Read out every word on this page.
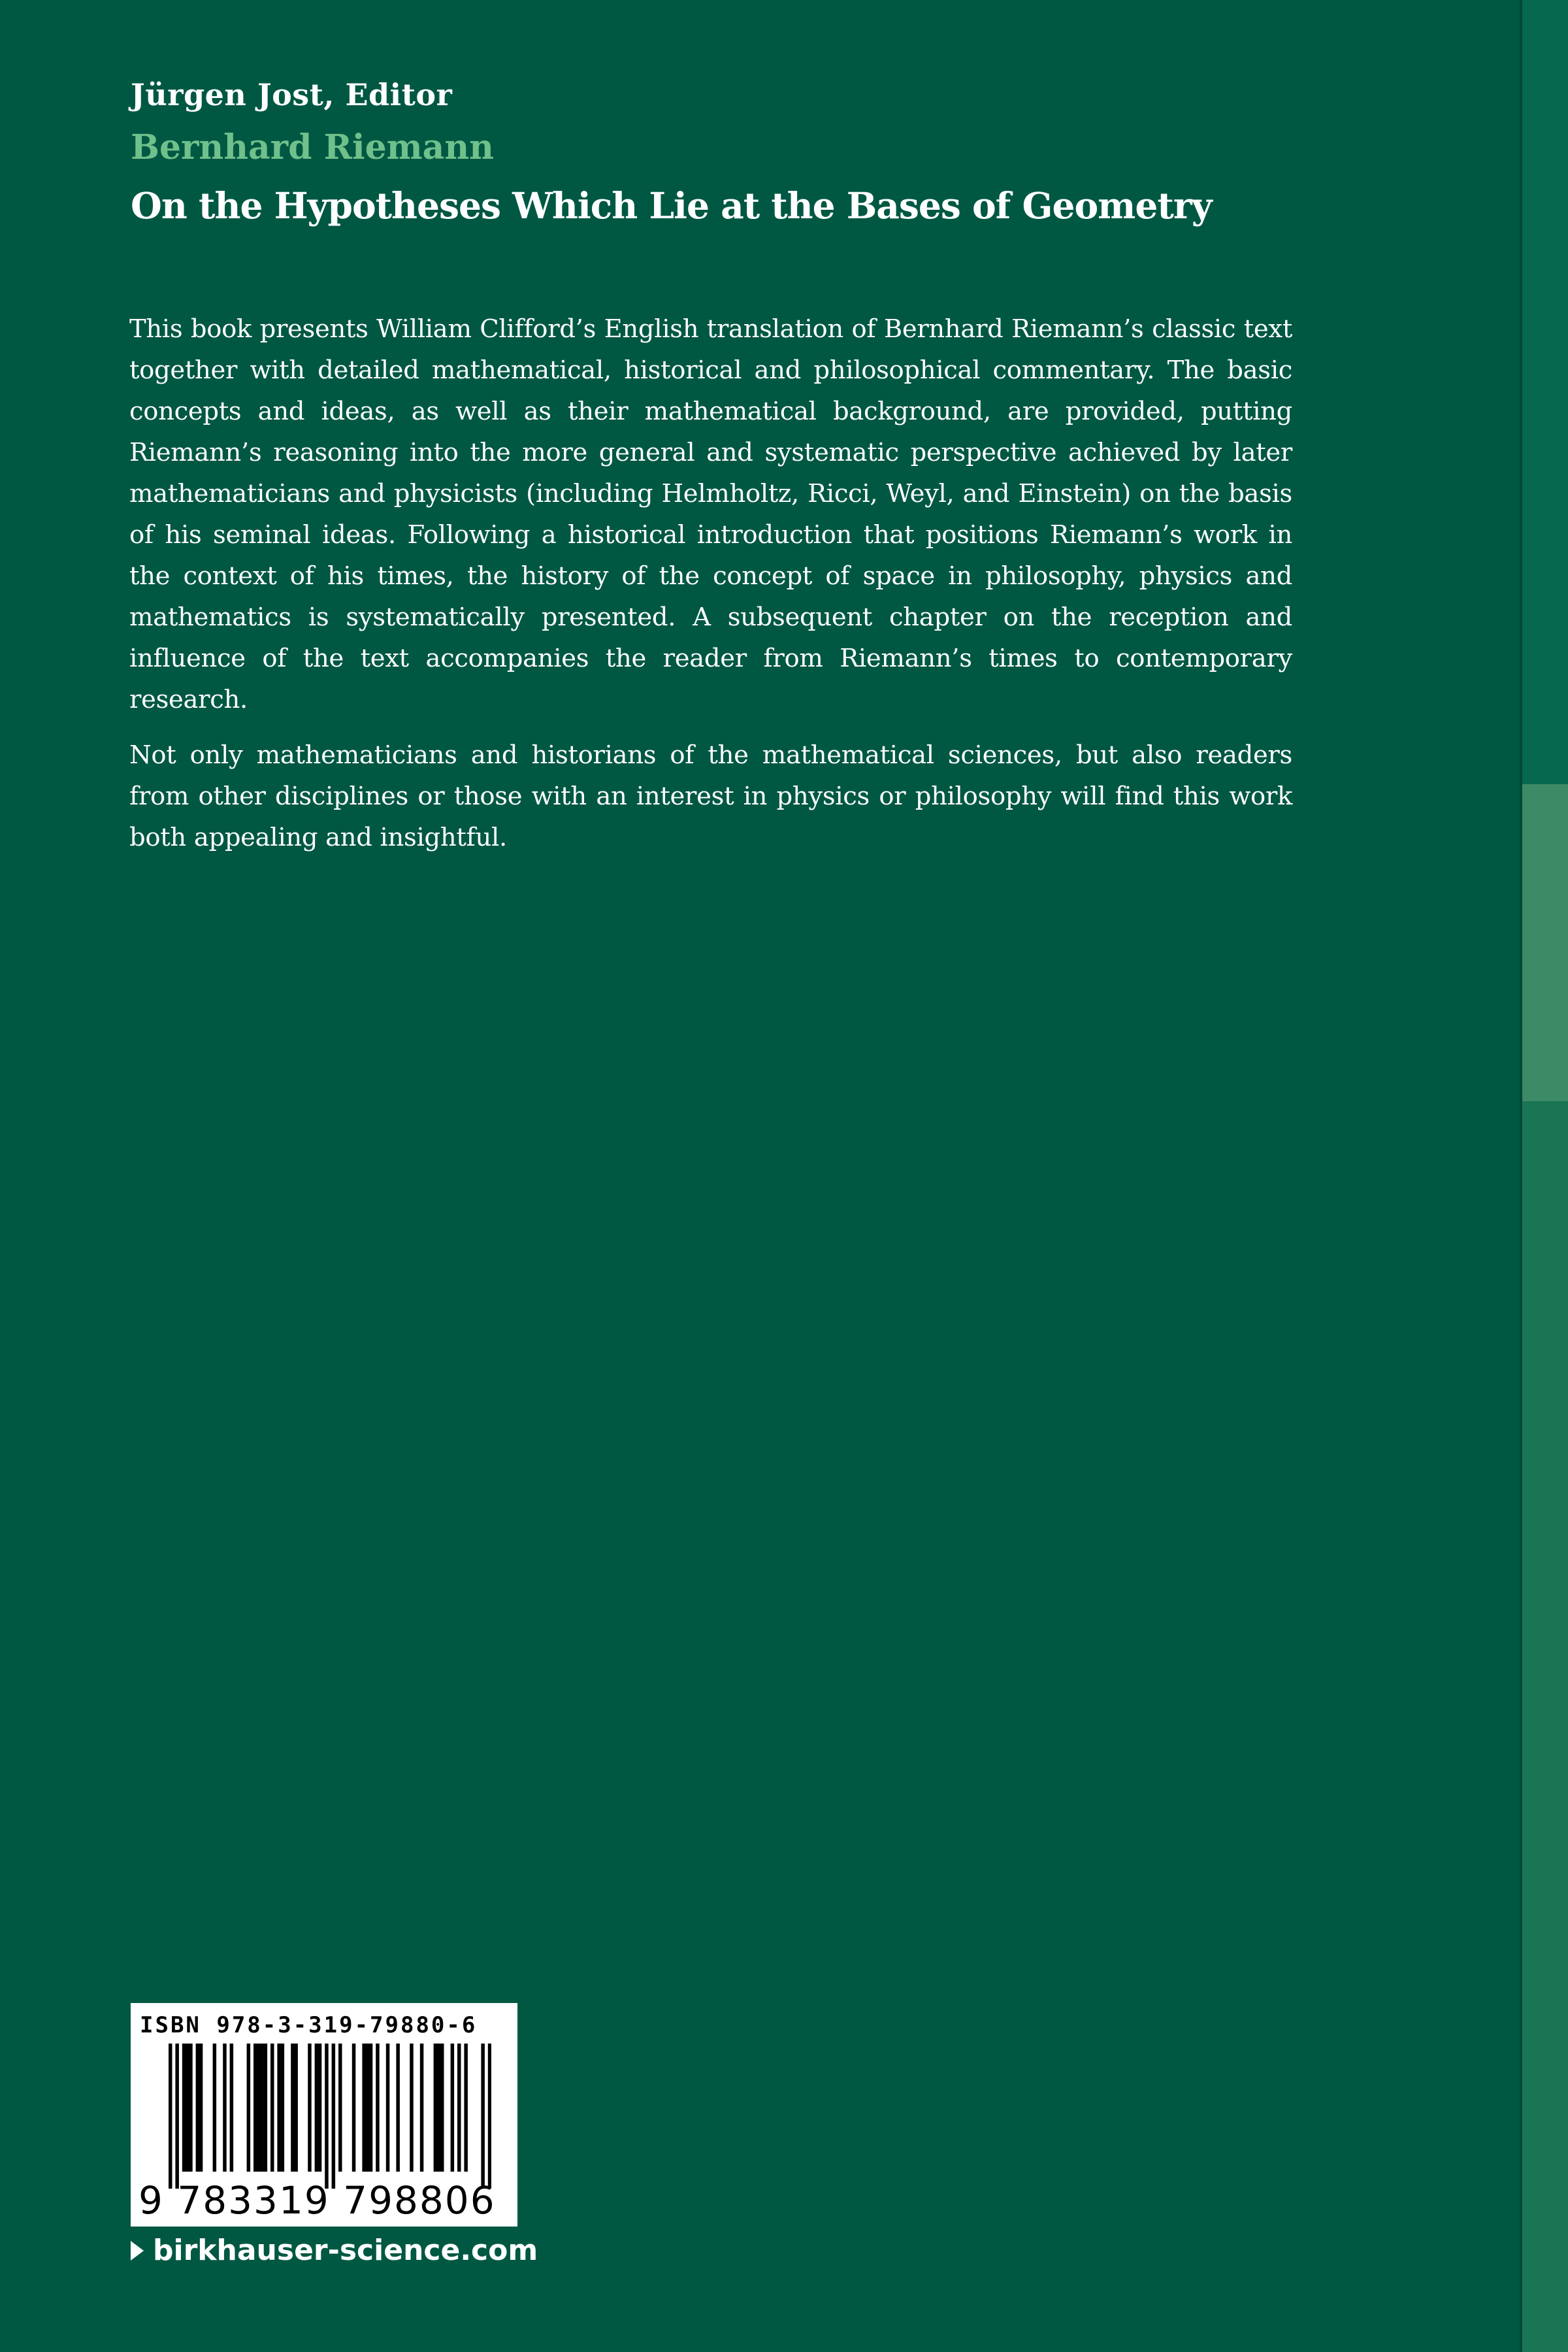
Jürgen Jost, Editor
Bernhard Riemann
On the Hypotheses Which Lie at the Bases of Geometry

This book presents William Clifford’s English translation of Bernhard Riemann’s classic text together with detailed mathematical, historical and philosophical commentary. The basic concepts and ideas, as well as their mathematical background, are provided, putting Riemann’s reasoning into the more general and systematic perspective achieved by later mathematicians and physicists (including Helmholtz, Ricci, Weyl, and Einstein) on the basis of his seminal ideas. Following a historical introduction that positions Riemann’s work in the context of his times, the history of the concept of space in philosophy, physics and mathematics is systematically presented. A subsequent chapter on the reception and influence of the text accompanies the reader from Riemann’s times to contemporary research.

Not only mathematicians and historians of the mathematical sciences, but also readers from other disciplines or those with an interest in physics or philosophy will find this work both appealing and insightful.

ISBN 978-3-319-79880-6
9 783319 798806
birkhauser-science.com
